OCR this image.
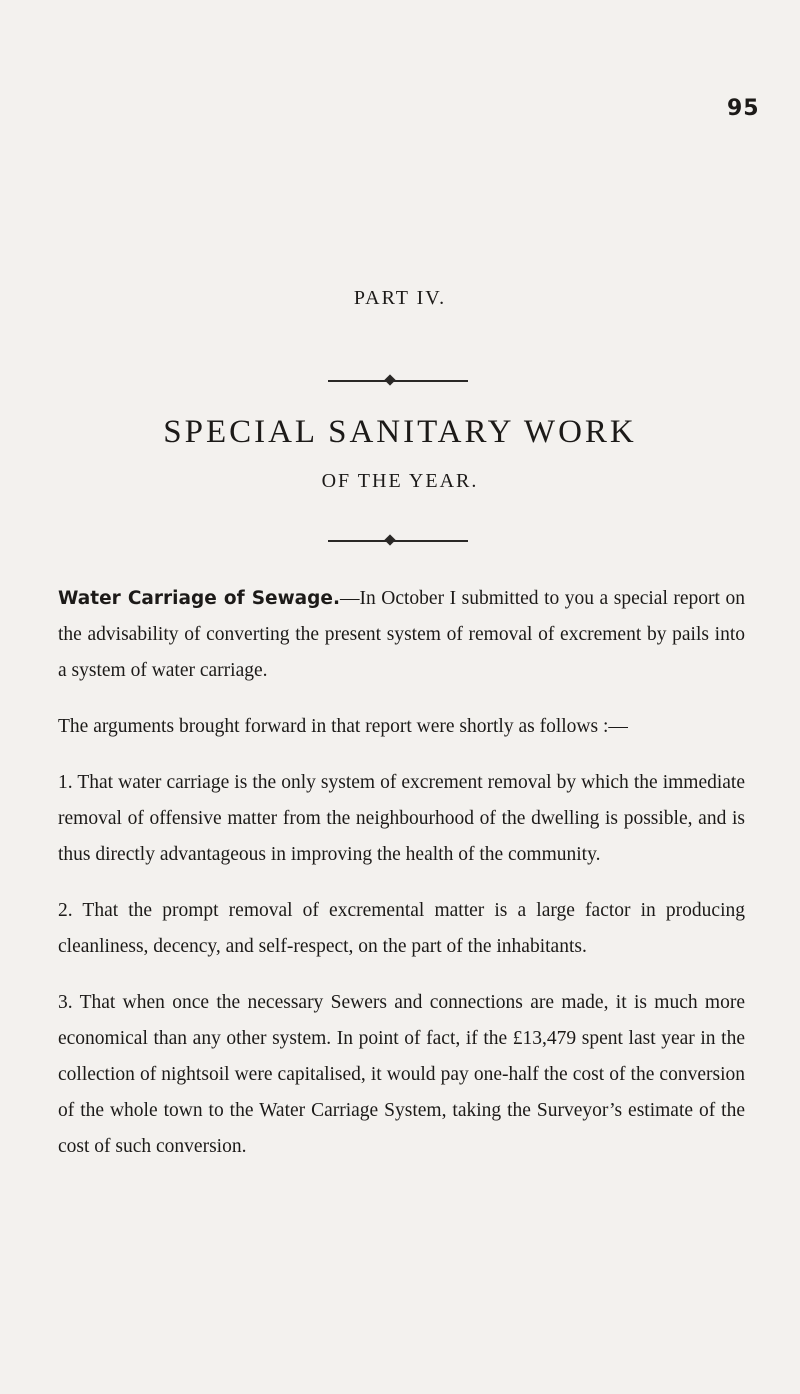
95
PART IV.
SPECIAL SANITARY WORK
OF THE YEAR.

Water Carriage of Sewage.—In October I submitted to you a special report on the advisability of converting the present system of removal of excrement by pails into a system of water carriage.

The arguments brought forward in that report were shortly as follows :—

1. That water carriage is the only system of excrement removal by which the immediate removal of offensive matter from the neighbourhood of the dwelling is possible, and is thus directly advantageous in improving the health of the community.

2. That the prompt removal of excremental matter is a large factor in producing cleanliness, decency, and self-respect, on the part of the inhabitants.

3. That when once the necessary Sewers and connections are made, it is much more economical than any other system. In point of fact, if the £13,479 spent last year in the collection of nightsoil were capitalised, it would pay one-half the cost of the conversion of the whole town to the Water Carriage System, taking the Surveyor’s estimate of the cost of such conversion.
